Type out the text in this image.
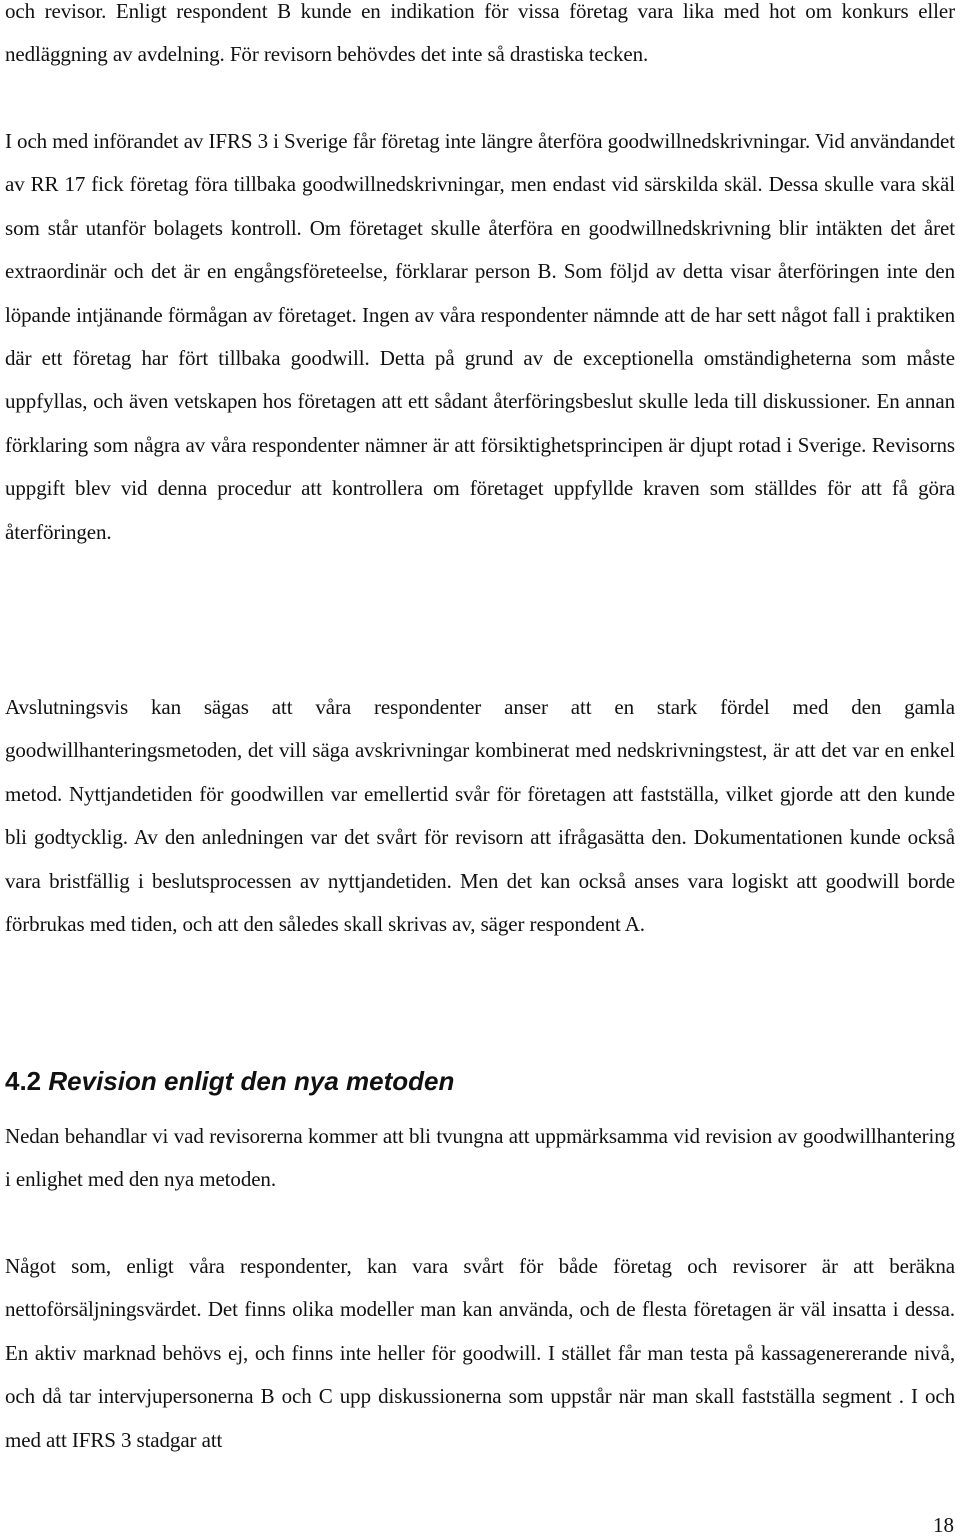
och revisor. Enligt respondent B kunde en indikation för vissa företag vara lika med hot om konkurs eller nedläggning av avdelning. För revisorn behövdes det inte så drastiska tecken.

I och med införandet av IFRS 3 i Sverige får företag inte längre återföra goodwillnedskrivningar. Vid användandet av RR 17 fick företag föra tillbaka goodwillnedskrivningar, men endast vid särskilda skäl. Dessa skulle vara skäl som står utanför bolagets kontroll. Om företaget skulle återföra en goodwillnedskrivning blir intäkten det året extraordinär och det är en engångsföreteelse, förklarar person B. Som följd av detta visar återföringen inte den löpande intjänande förmågan av företaget. Ingen av våra respondenter nämnde att de har sett något fall i praktiken där ett företag har fört tillbaka goodwill. Detta på grund av de exceptionella omständigheterna som måste uppfyllas, och även vetskapen hos företagen att ett sådant återföringsbeslut skulle leda till diskussioner. En annan förklaring som några av våra respondenter nämner är att försiktighetsprincipen är djupt rotad i Sverige. Revisorns uppgift blev vid denna procedur att kontrollera om företaget uppfyllde kraven som ställdes för att få göra återföringen.

Avslutningsvis kan sägas att våra respondenter anser att en stark fördel med den gamla goodwillhanteringsmetoden, det vill säga avskrivningar kombinerat med nedskrivningstest, är att det var en enkel metod. Nyttjandetiden för goodwillen var emellertid svår för företagen att fastställa, vilket gjorde att den kunde bli godtycklig. Av den anledningen var det svårt för revisorn att ifrågasätta den. Dokumentationen kunde också vara bristfällig i beslutsprocessen av nyttjandetiden. Men det kan också anses vara logiskt att goodwill borde förbrukas med tiden, och att den således skall skrivas av, säger respondent A.

4.2 Revision enligt den nya metoden

Nedan behandlar vi vad revisorerna kommer att bli tvungna att uppmärksamma vid revision av goodwillhantering i enlighet med den nya metoden.

Något som, enligt våra respondenter, kan vara svårt för både företag och revisorer är att beräkna nettoförsäljningsvärdet. Det finns olika modeller man kan använda, och de flesta företagen är väl insatta i dessa. En aktiv marknad behövs ej, och finns inte heller för goodwill. I stället får man testa på kassagenererande nivå, och då tar intervjupersonerna B och C upp diskussionerna som uppstår när man skall fastställa segment . I och med att IFRS 3 stadgar att

18
